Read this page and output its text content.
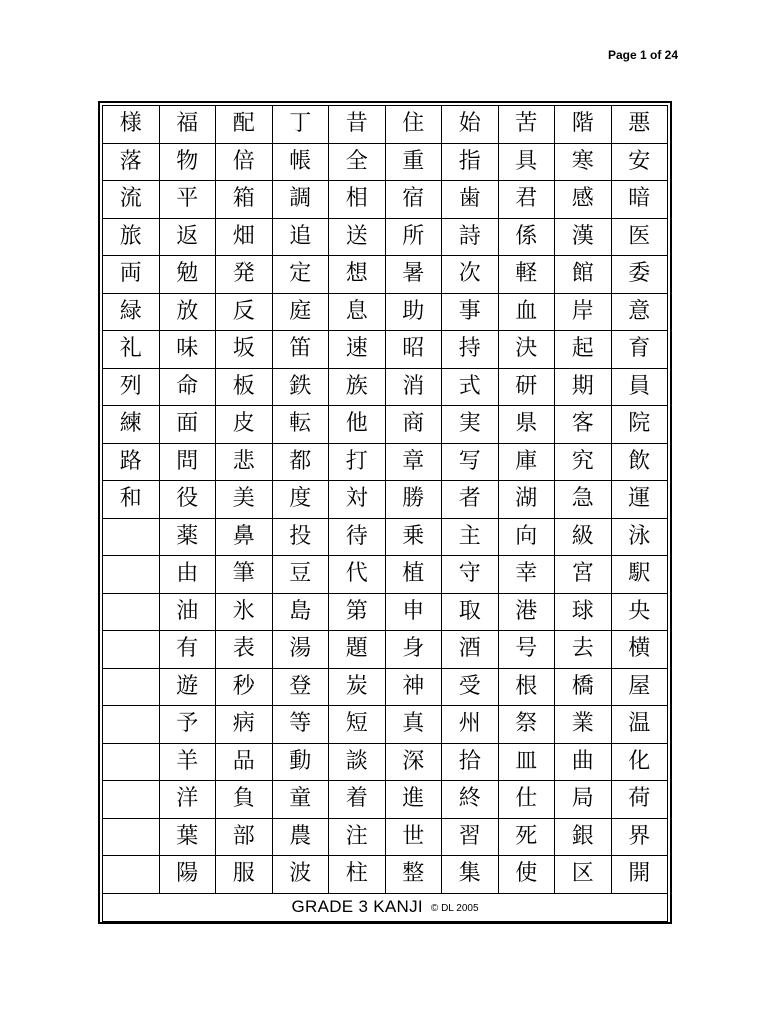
Page 1 of 24
様	福	配	丁	昔	住	始	苦	階	悪
落	物	倍	帳	全	重	指	具	寒	安
流	平	箱	調	相	宿	歯	君	感	暗
旅	返	畑	追	送	所	詩	係	漢	医
両	勉	発	定	想	暑	次	軽	館	委
緑	放	反	庭	息	助	事	血	岸	意
礼	味	坂	笛	速	昭	持	決	起	育
列	命	板	鉄	族	消	式	研	期	員
練	面	皮	転	他	商	実	県	客	院
路	問	悲	都	打	章	写	庫	究	飲
和	役	美	度	対	勝	者	湖	急	運
	薬	鼻	投	待	乗	主	向	級	泳
	由	筆	豆	代	植	守	幸	宮	駅
	油	氷	島	第	申	取	港	球	央
	有	表	湯	題	身	酒	号	去	横
	遊	秒	登	炭	神	受	根	橋	屋
	予	病	等	短	真	州	祭	業	温
	羊	品	動	談	深	拾	皿	曲	化
	洋	負	童	着	進	終	仕	局	荷
	葉	部	農	注	世	習	死	銀	界
	陽	服	波	柱	整	集	使	区	開
GRADE 3 KANJI © DL 2005
